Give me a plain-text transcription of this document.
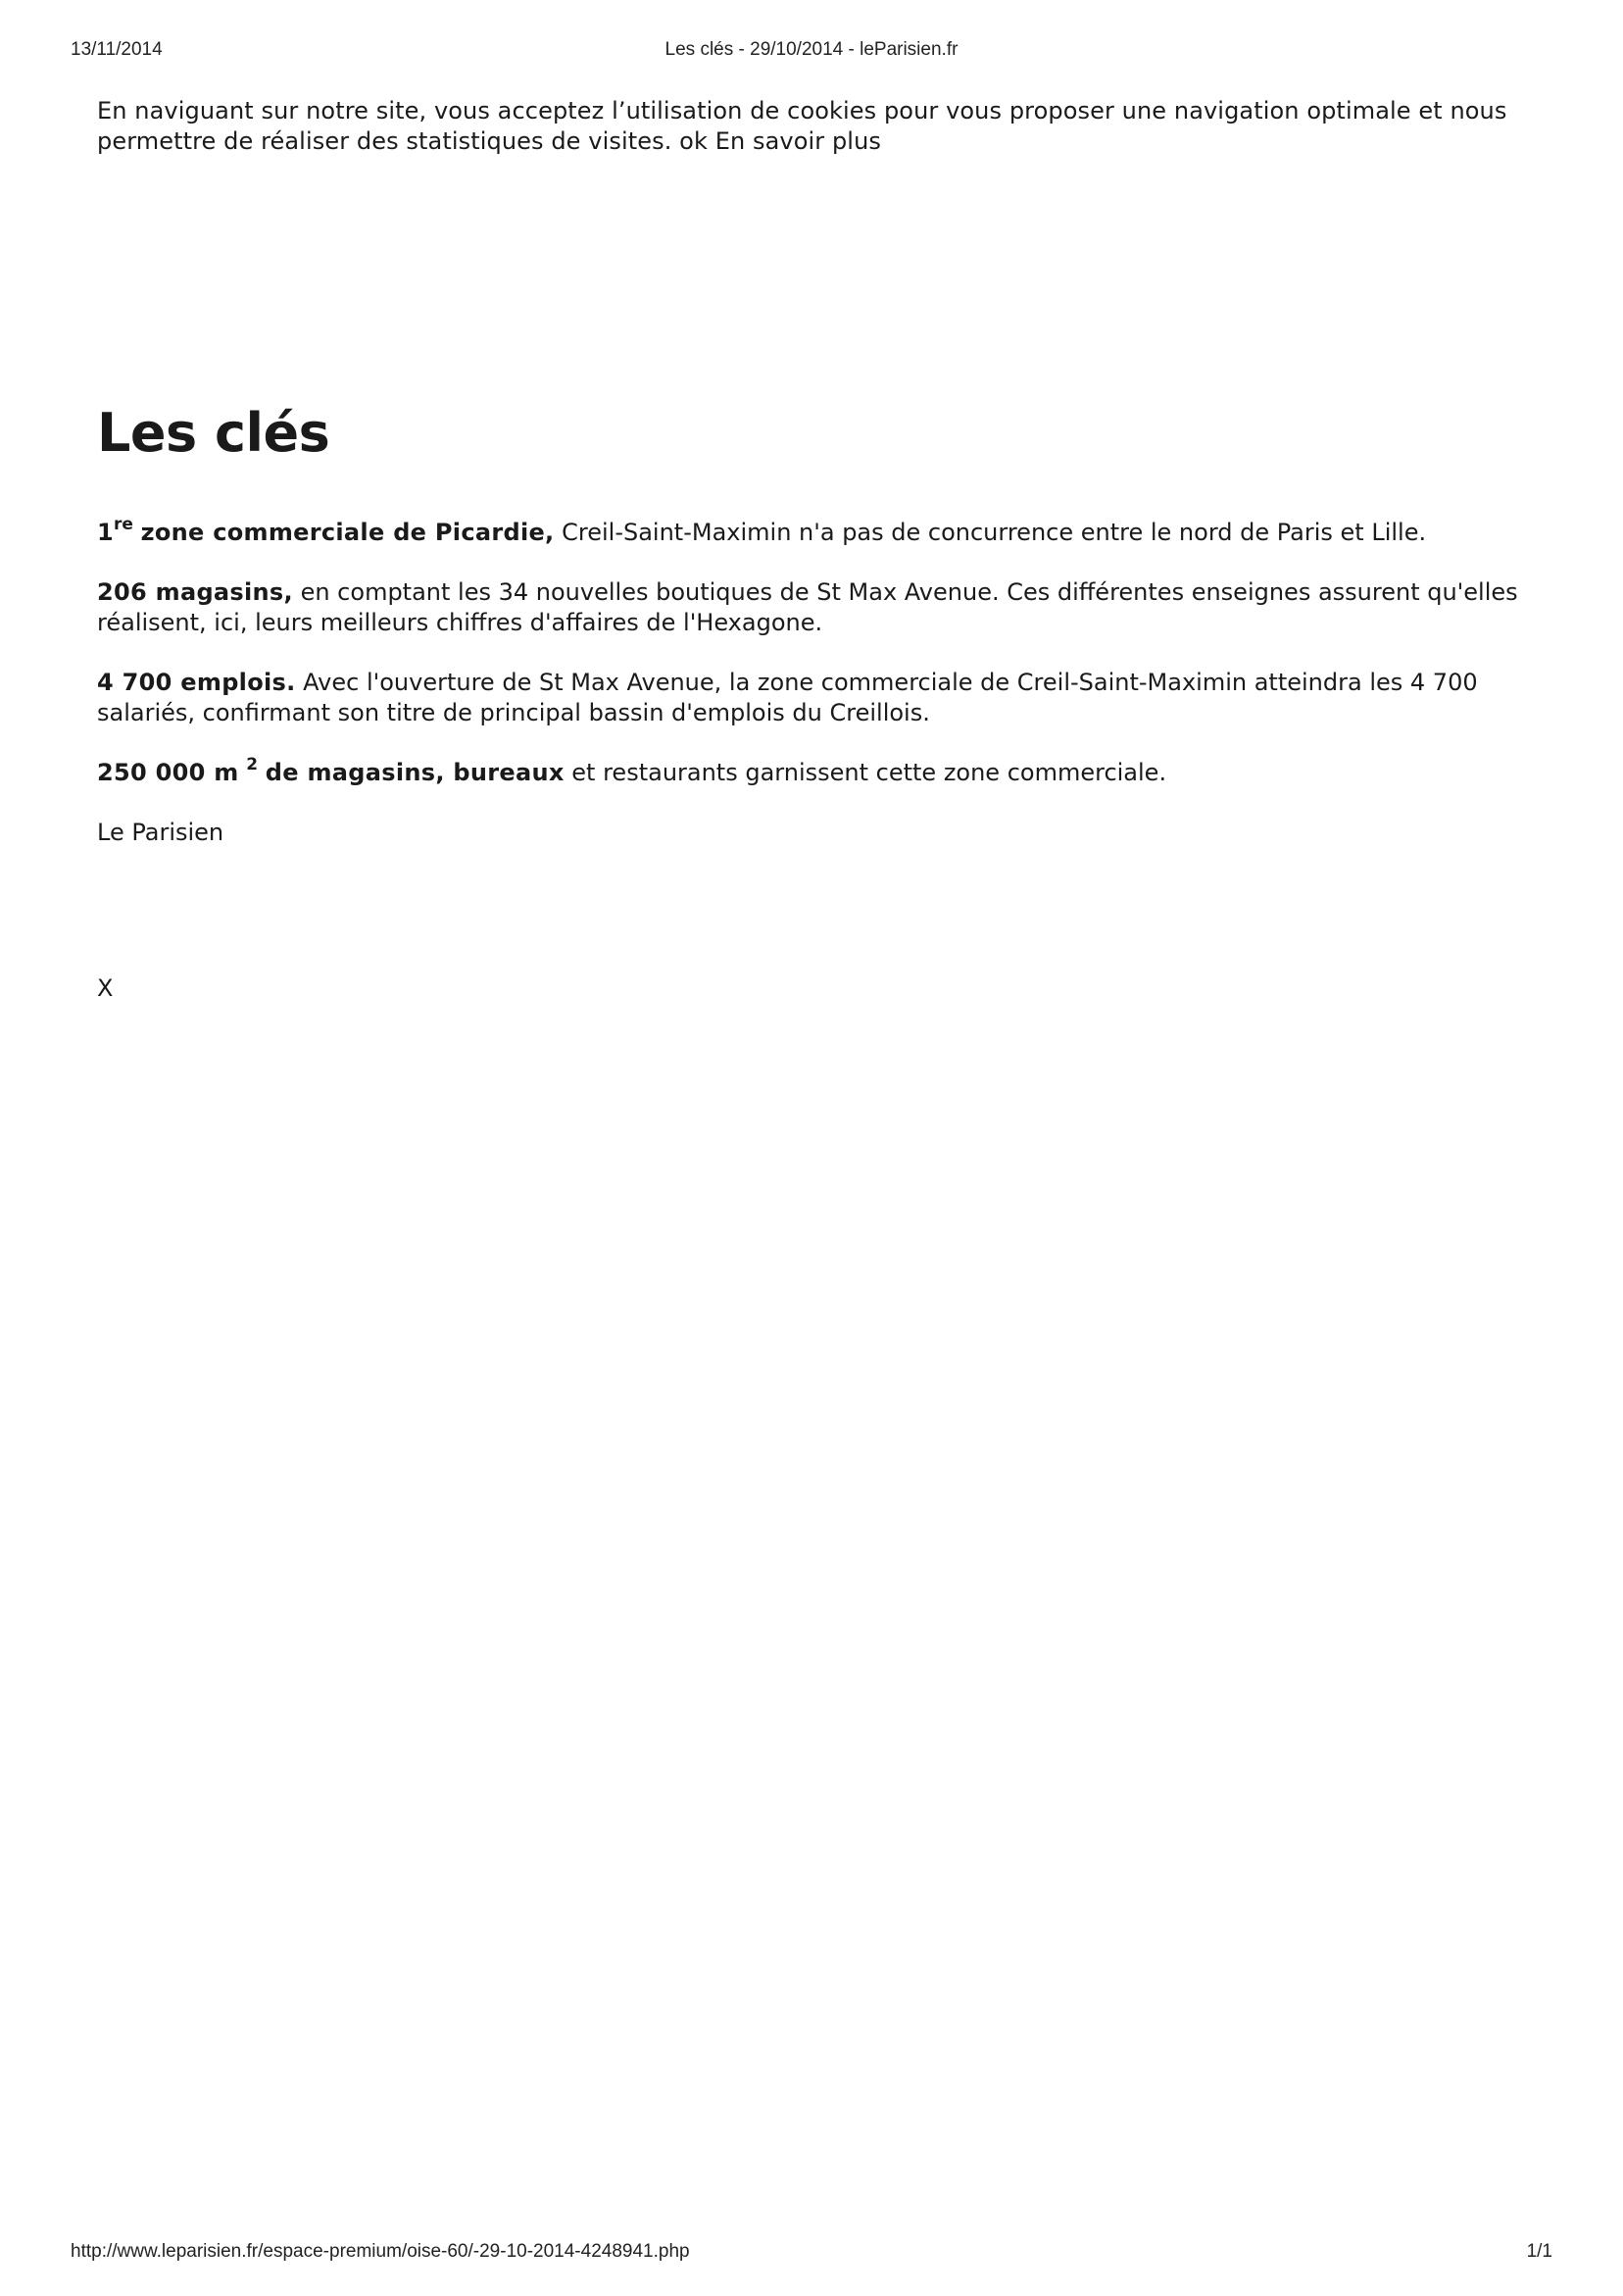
13/11/2014	Les clés - 29/10/2014 - leParisien.fr
En naviguant sur notre site, vous acceptez l’utilisation de cookies pour vous proposer une navigation optimale et nous permettre de réaliser des statistiques de visites. ok En savoir plus
Les clés

1re zone commerciale de Picardie, Creil-Saint-Maximin n'a pas de concurrence entre le nord de Paris et Lille.

206 magasins, en comptant les 34 nouvelles boutiques de St Max Avenue. Ces différentes enseignes assurent qu'elles réalisent, ici, leurs meilleurs chiffres d'affaires de l'Hexagone.

4 700 emplois. Avec l'ouverture de St Max Avenue, la zone commerciale de Creil-Saint-Maximin atteindra les 4 700 salariés, confirmant son titre de principal bassin d'emplois du Creillois.

250 000 m $^2$ de magasins, bureaux et restaurants garnissent cette zone commerciale.

Le Parisien

X
http://www.leparisien.fr/espace-premium/oise-60/-29-10-2014-4248941.php	1/1
